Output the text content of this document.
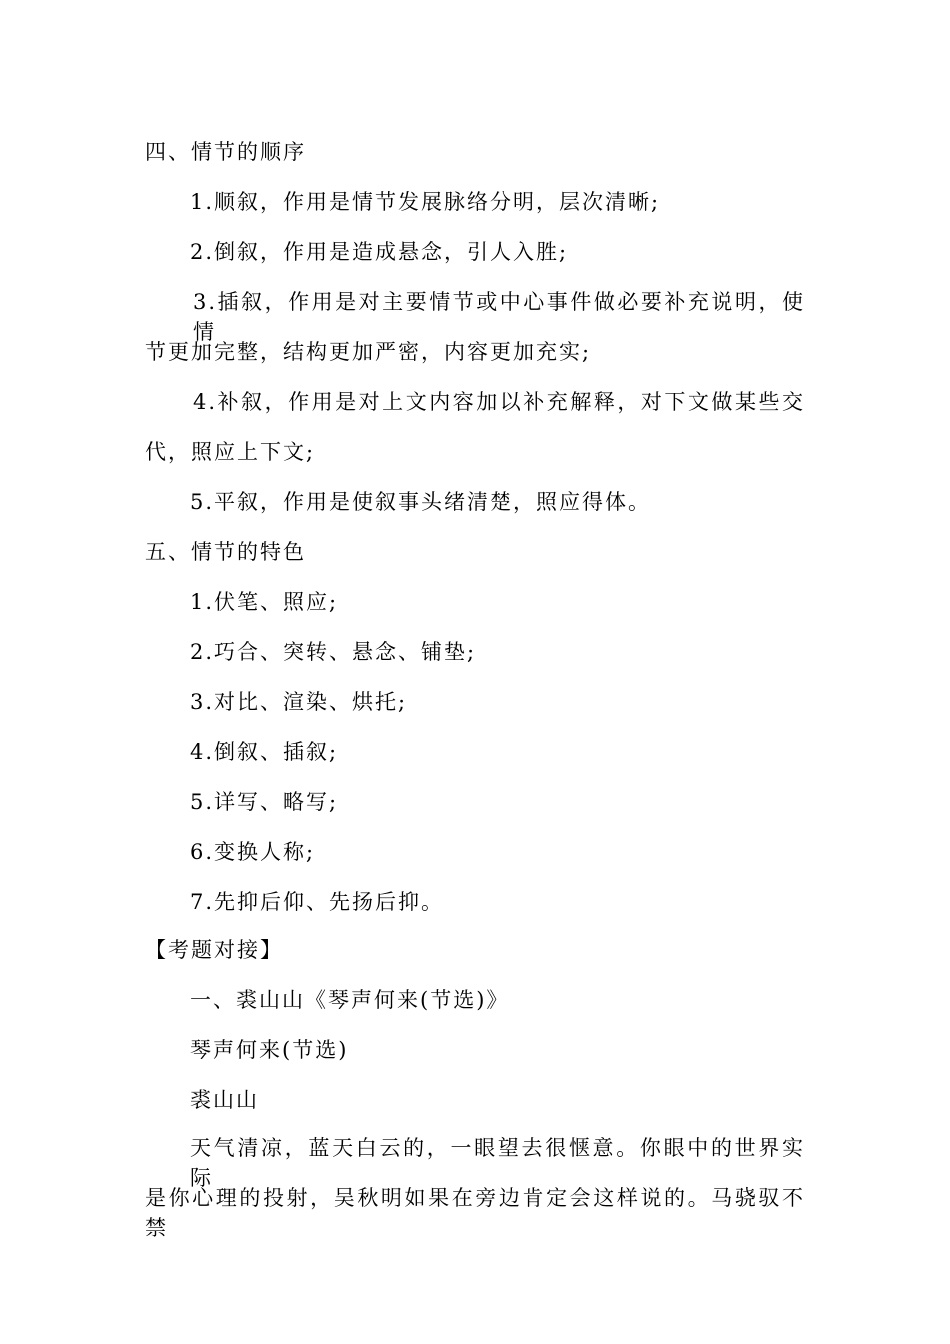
四、情节的顺序
1.顺叙，作用是情节发展脉络分明，层次清晰;
2.倒叙，作用是造成悬念，引人入胜;
3.插叙，作用是对主要情节或中心事件做必要补充说明，使情
节更加完整，结构更加严密，内容更加充实;
4.补叙，作用是对上文内容加以补充解释，对下文做某些交
代，照应上下文;
5.平叙，作用是使叙事头绪清楚，照应得体。
五、情节的特色
1.伏笔、照应;
2.巧合、突转、悬念、铺垫;
3.对比、渲染、烘托;
4.倒叙、插叙;
5.详写、略写;
6.变换人称;
7.先抑后仰、先扬后抑。
【考题对接】
一、裘山山《琴声何来(节选)》
琴声何来(节选)
裘山山
天气清凉，蓝天白云的，一眼望去很惬意。你眼中的世界实际
是你心理的投射，吴秋明如果在旁边肯定会这样说的。马骁驭不禁
